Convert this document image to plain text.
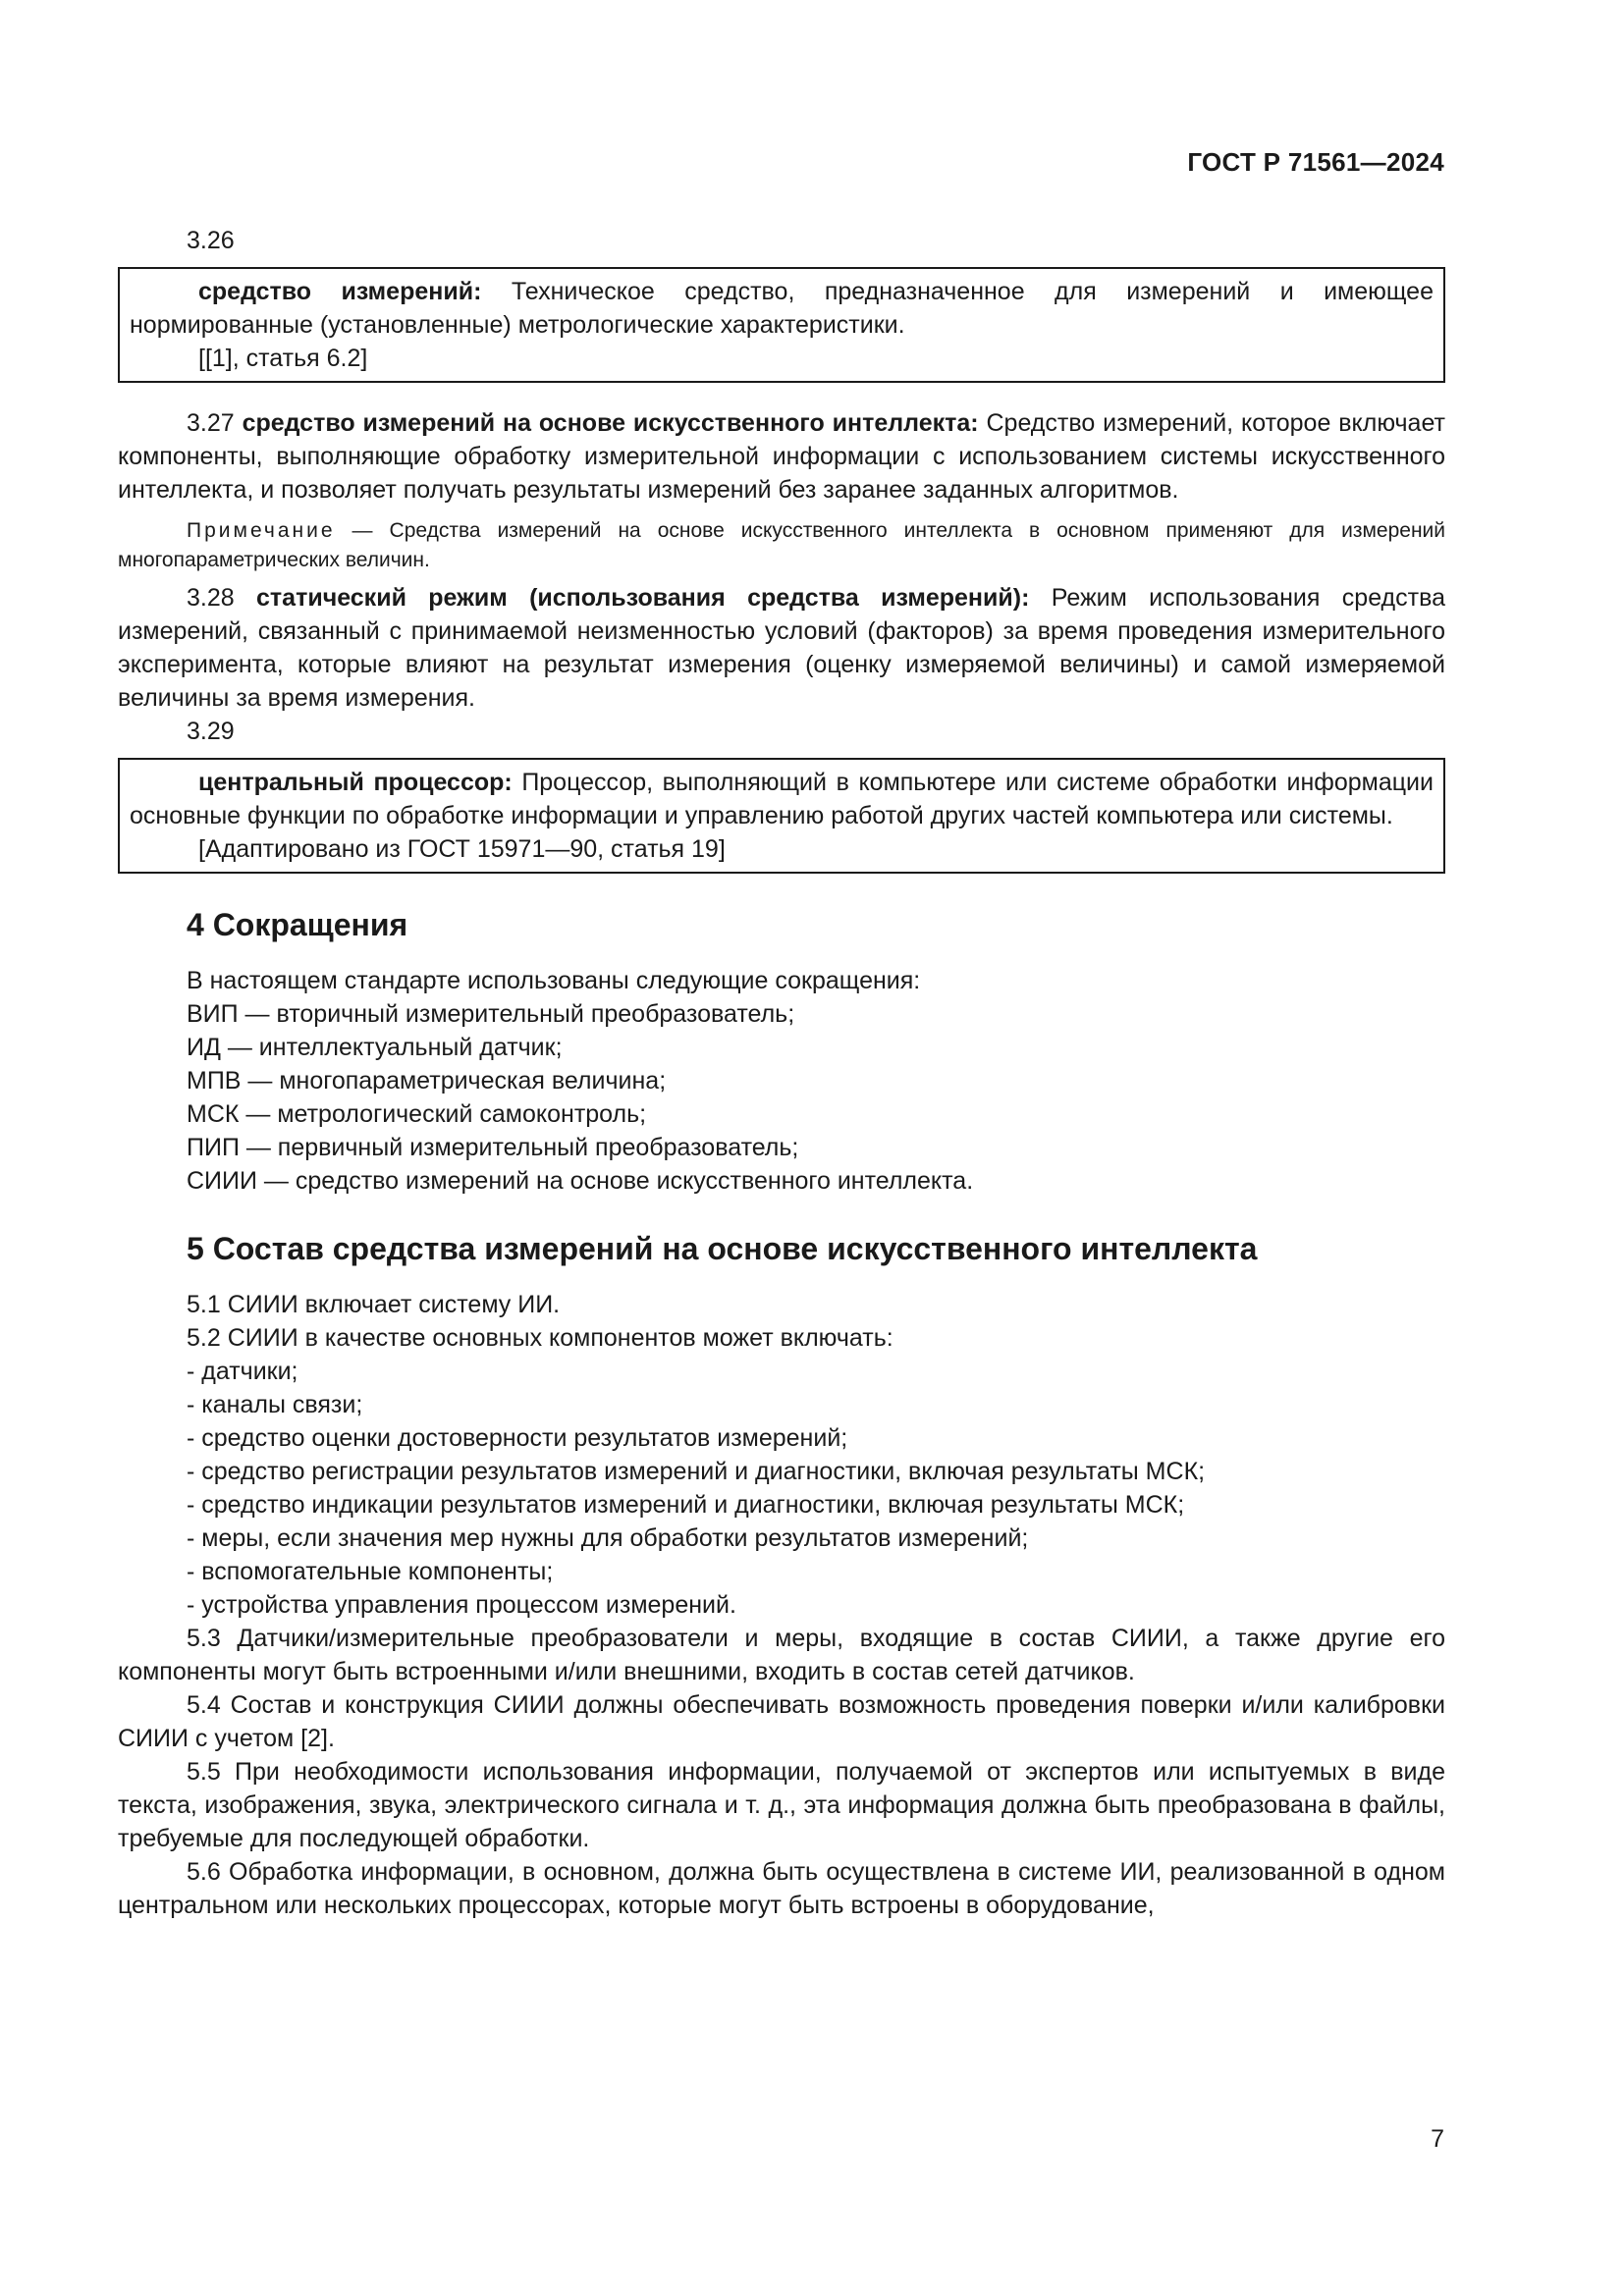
ГОСТ Р 71561—2024

3.26

средство измерений: Техническое средство, предназначенное для измерений и имеющее нормированные (установленные) метрологические характеристики.

[[1], статья 6.2]

3.27 средство измерений на основе искусственного интеллекта: Средство измерений, которое включает компоненты, выполняющие обработку измерительной информации с использованием системы искусственного интеллекта, и позволяет получать результаты измерений без заранее заданных алгоритмов.

Примечание — Средства измерений на основе искусственного интеллекта в основном применяют для измерений многопараметрических величин.

3.28 статический режим (использования средства измерений): Режим использования средства измерений, связанный с принимаемой неизменностью условий (факторов) за время проведения измерительного эксперимента, которые влияют на результат измерения (оценку измеряемой величины) и самой измеряемой величины за время измерения.

3.29

центральный процессор: Процессор, выполняющий в компьютере или системе обработки информации основные функции по обработке информации и управлению работой других частей компьютера или системы.

[Адаптировано из ГОСТ 15971—90, статья 19]

4 Сокращения

В настоящем стандарте использованы следующие сокращения:

ВИП — вторичный измерительный преобразователь;

ИД — интеллектуальный датчик;

МПВ — многопараметрическая величина;

МСК — метрологический самоконтроль;

ПИП — первичный измерительный преобразователь;

СИИИ — средство измерений на основе искусственного интеллекта.

5 Состав средства измерений на основе искусственного интеллекта

5.1 СИИИ включает систему ИИ.

5.2 СИИИ в качестве основных компонентов может включать:

- датчики;

- каналы связи;

- средство оценки достоверности результатов измерений;

- средство регистрации результатов измерений и диагностики, включая результаты МСК;

- средство индикации результатов измерений и диагностики, включая результаты МСК;

- меры, если значения мер нужны для обработки результатов измерений;

- вспомогательные компоненты;

- устройства управления процессом измерений.

5.3 Датчики/измерительные преобразователи и меры, входящие в состав СИИИ, а также другие его компоненты могут быть встроенными и/или внешними, входить в состав сетей датчиков.

5.4 Состав и конструкция СИИИ должны обеспечивать возможность проведения поверки и/или калибровки СИИИ с учетом [2].

5.5 При необходимости использования информации, получаемой от экспертов или испытуемых в виде текста, изображения, звука, электрического сигнала и т. д., эта информация должна быть преобразована в файлы, требуемые для последующей обработки.

5.6 Обработка информации, в основном, должна быть осуществлена в системе ИИ, реализованной в одном центральном или нескольких процессорах, которые могут быть встроены в оборудование,

7
